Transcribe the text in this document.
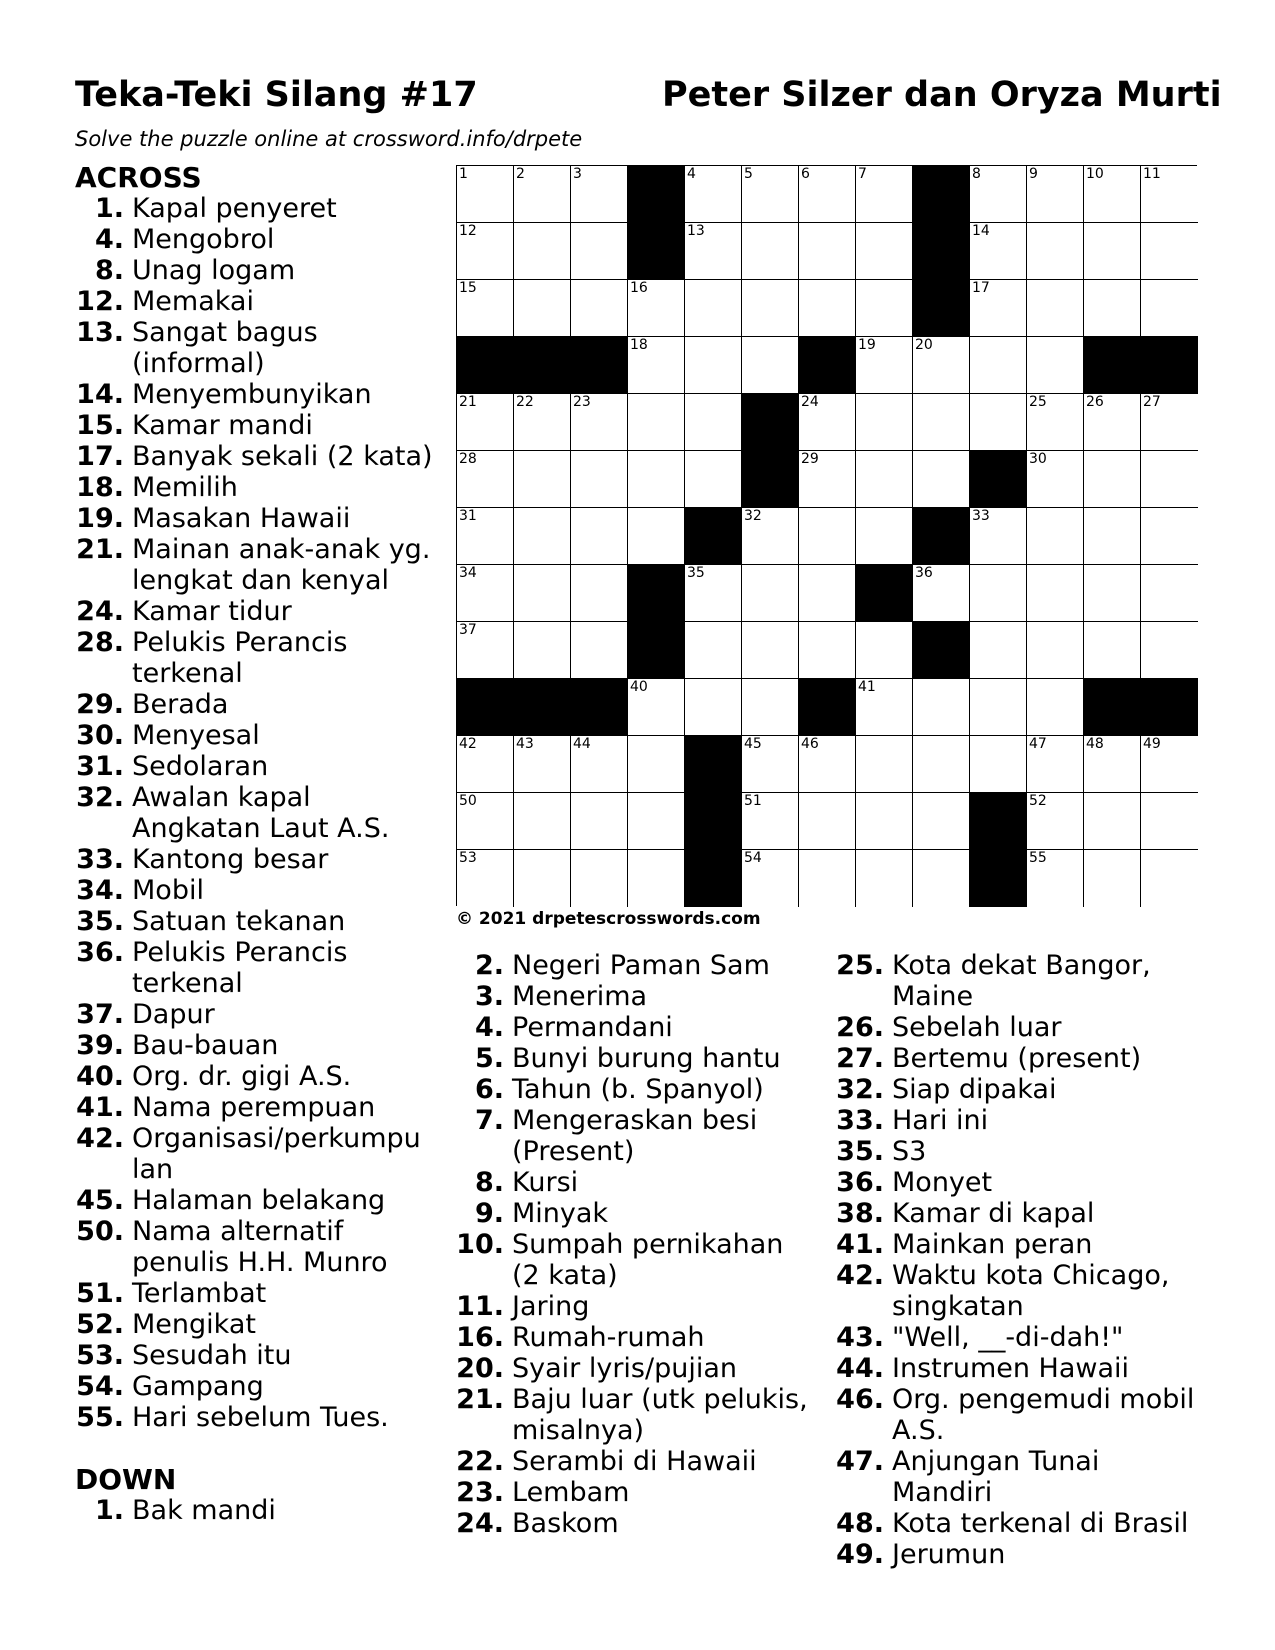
Teka-Teki Silang #17	Peter Silzer dan Oryza Murti
Solve the puzzle online at crossword.info/drpete
ACROSS
1. Kapal penyeret
4. Mengobrol
8. Unag logam
12. Memakai
13. Sangat bagus (informal)
14. Menyembunyikan
15. Kamar mandi
17. Banyak sekali (2 kata)
18. Memilih
19. Masakan Hawaii
21. Mainan anak-anak yg. lengkat dan kenyal
24. Kamar tidur
28. Pelukis Perancis terkenal
29. Berada
30. Menyesal
31. Sedolaran
32. Awalan kapal Angkatan Laut A.S.
33. Kantong besar
34. Mobil
35. Satuan tekanan
36. Pelukis Perancis terkenal
37. Dapur
39. Bau-bauan
40. Org. dr. gigi A.S.
41. Nama perempuan
42. Organisasi/perkumpu lan
45. Halaman belakang
50. Nama alternatif penulis H.H. Munro
51. Terlambat
52. Mengikat
53. Sesudah itu
54. Gampang
55. Hari sebelum Tues.
DOWN
1. Bak mandi
1	2	3	4	5	6	7	8	9	10	11
12	13	14
15	16	17
18	19	20
21	22	23	24	25	26	27
28	29	30
31	32	33
34	35	36
37	38	39
40	41
42	43	44	45	46	47	48	49
50	51	52
53	54	55
© 2021 drpetescrosswords.com
2. Negeri Paman Sam
3. Menerima
4. Permandani
5. Bunyi burung hantu
6. Tahun (b. Spanyol)
7. Mengeraskan besi (Present)
8. Kursi
9. Minyak
10. Sumpah pernikahan (2 kata)
11. Jaring
16. Rumah-rumah
20. Syair lyris/pujian
21. Baju luar (utk pelukis, misalnya)
22. Serambi di Hawaii
23. Lembam
24. Baskom
25. Kota dekat Bangor, Maine
26. Sebelah luar
27. Bertemu (present)
32. Siap dipakai
33. Hari ini
35. S3
36. Monyet
38. Kamar di kapal
41. Mainkan peran
42. Waktu kota Chicago, singkatan
43. "Well, __-di-dah!"
44. Instrumen Hawaii
46. Org. pengemudi mobil A.S.
47. Anjungan Tunai Mandiri
48. Kota terkenal di Brasil
49. Jerumun
